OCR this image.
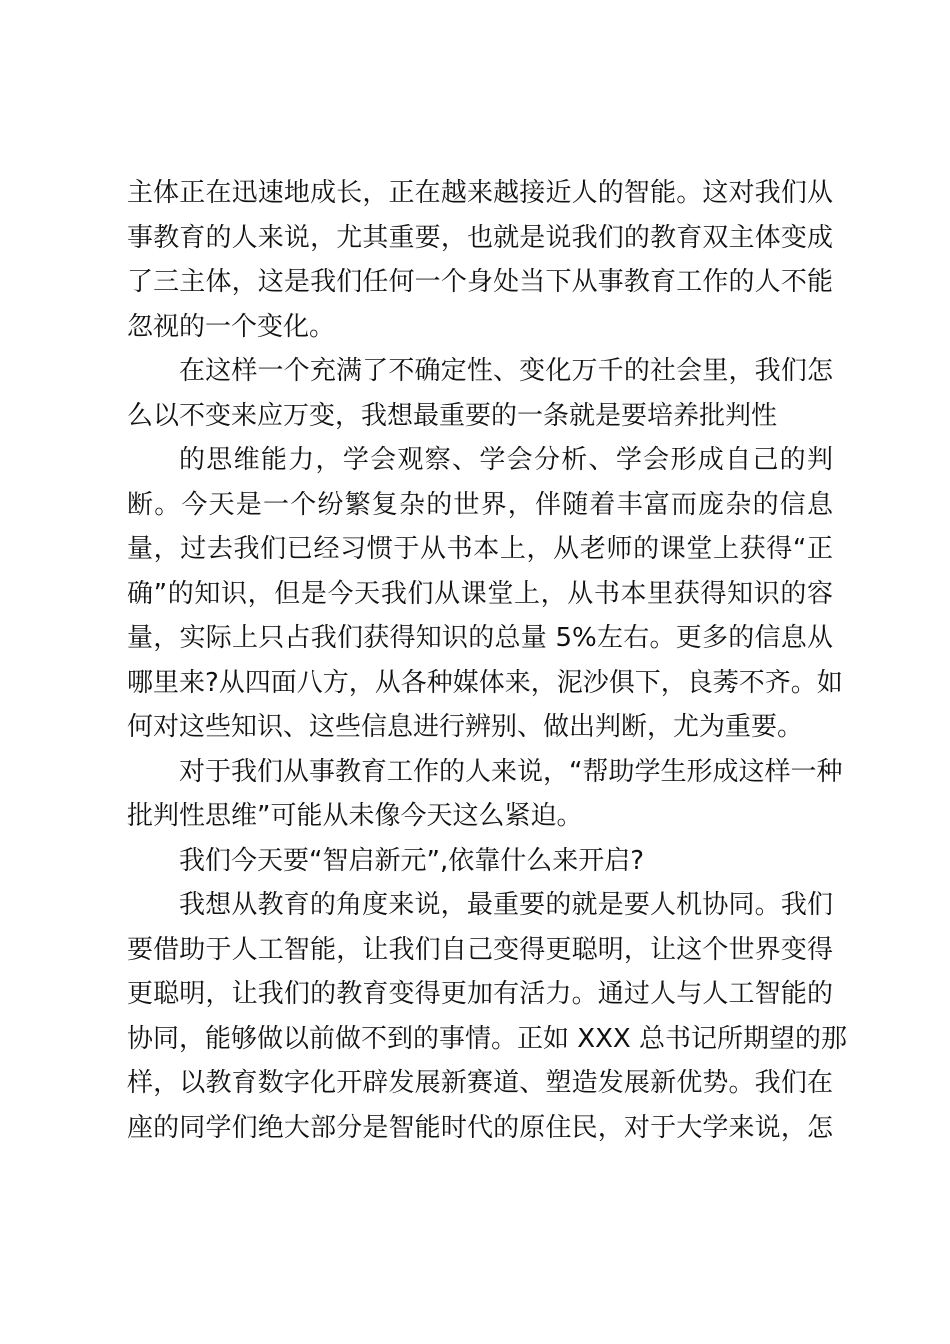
主体正在迅速地成长，正在越来越接近人的智能。这对我们从
事教育的人来说，尤其重要，也就是说我们的教育双主体变成
了三主体，这是我们任何一个身处当下从事教育工作的人不能
忽视的一个变化。
在这样一个充满了不确定性、变化万千的社会里，我们怎
么以不变来应万变，我想最重要的一条就是要培养批判性
的思维能力，学会观察、学会分析、学会形成自己的判
断。今天是一个纷繁复杂的世界，伴随着丰富而庞杂的信息
量，过去我们已经习惯于从书本上，从老师的课堂上获得“正
确”的知识，但是今天我们从课堂上，从书本里获得知识的容
量，实际上只占我们获得知识的总量 5%左右。更多的信息从
哪里来?从四面八方，从各种媒体来，泥沙俱下，良莠不齐。如
何对这些知识、这些信息进行辨别、做出判断，尤为重要。
对于我们从事教育工作的人来说，“帮助学生形成这样一种
批判性思维”可能从未像今天这么紧迫。
我们今天要“智启新元”,依靠什么来开启?
我想从教育的角度来说，最重要的就是要人机协同。我们
要借助于人工智能，让我们自己变得更聪明，让这个世界变得
更聪明，让我们的教育变得更加有活力。通过人与人工智能的
协同，能够做以前做不到的事情。正如 XXX 总书记所期望的那
样，以教育数字化开辟发展新赛道、塑造发展新优势。我们在
座的同学们绝大部分是智能时代的原住民，对于大学来说，怎
